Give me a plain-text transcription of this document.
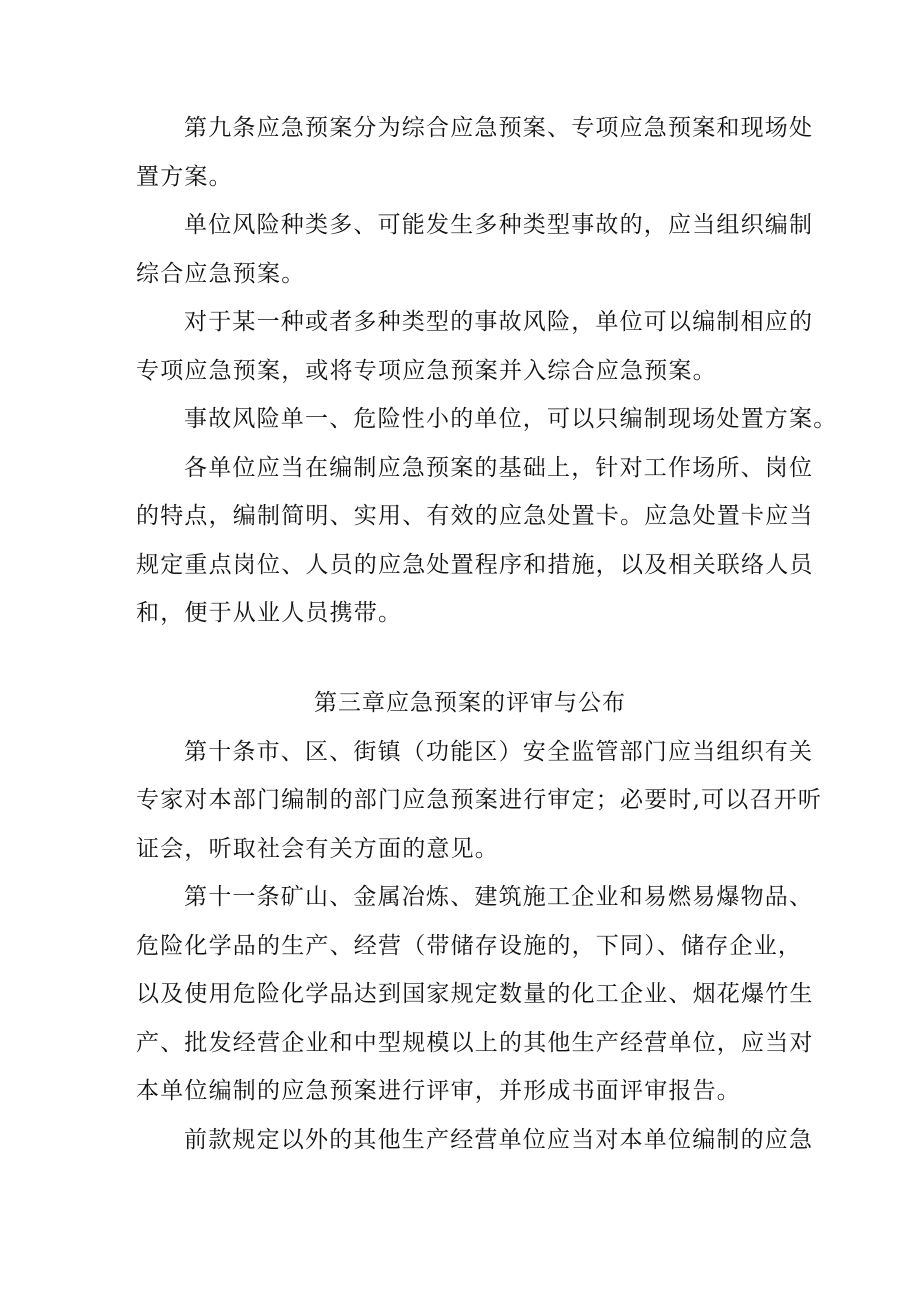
第九条应急预案分为综合应急预案、专项应急预案和现场处
置方案。
单位风险种类多、可能发生多种类型事故的，应当组织编制
综合应急预案。
对于某一种或者多种类型的事故风险，单位可以编制相应的
专项应急预案，或将专项应急预案并入综合应急预案。
事故风险单一、危险性小的单位，可以只编制现场处置方案。
各单位应当在编制应急预案的基础上，针对工作场所、岗位
的特点，编制简明、实用、有效的应急处置卡。应急处置卡应当
规定重点岗位、人员的应急处置程序和措施，以及相关联络人员
和，便于从业人员携带。
第三章应急预案的评审与公布
第十条市、区、街镇（功能区）安全监管部门应当组织有关
专家对本部门编制的部门应急预案进行审定；必要时,可以召开听
证会，听取社会有关方面的意见。
第十一条矿山、金属冶炼、建筑施工企业和易燃易爆物品、
危险化学品的生产、经营（带储存设施的，下同）、储存企业，
以及使用危险化学品达到国家规定数量的化工企业、烟花爆竹生
产、批发经营企业和中型规模以上的其他生产经营单位，应当对
本单位编制的应急预案进行评审，并形成书面评审报告。
前款规定以外的其他生产经营单位应当对本单位编制的应急
